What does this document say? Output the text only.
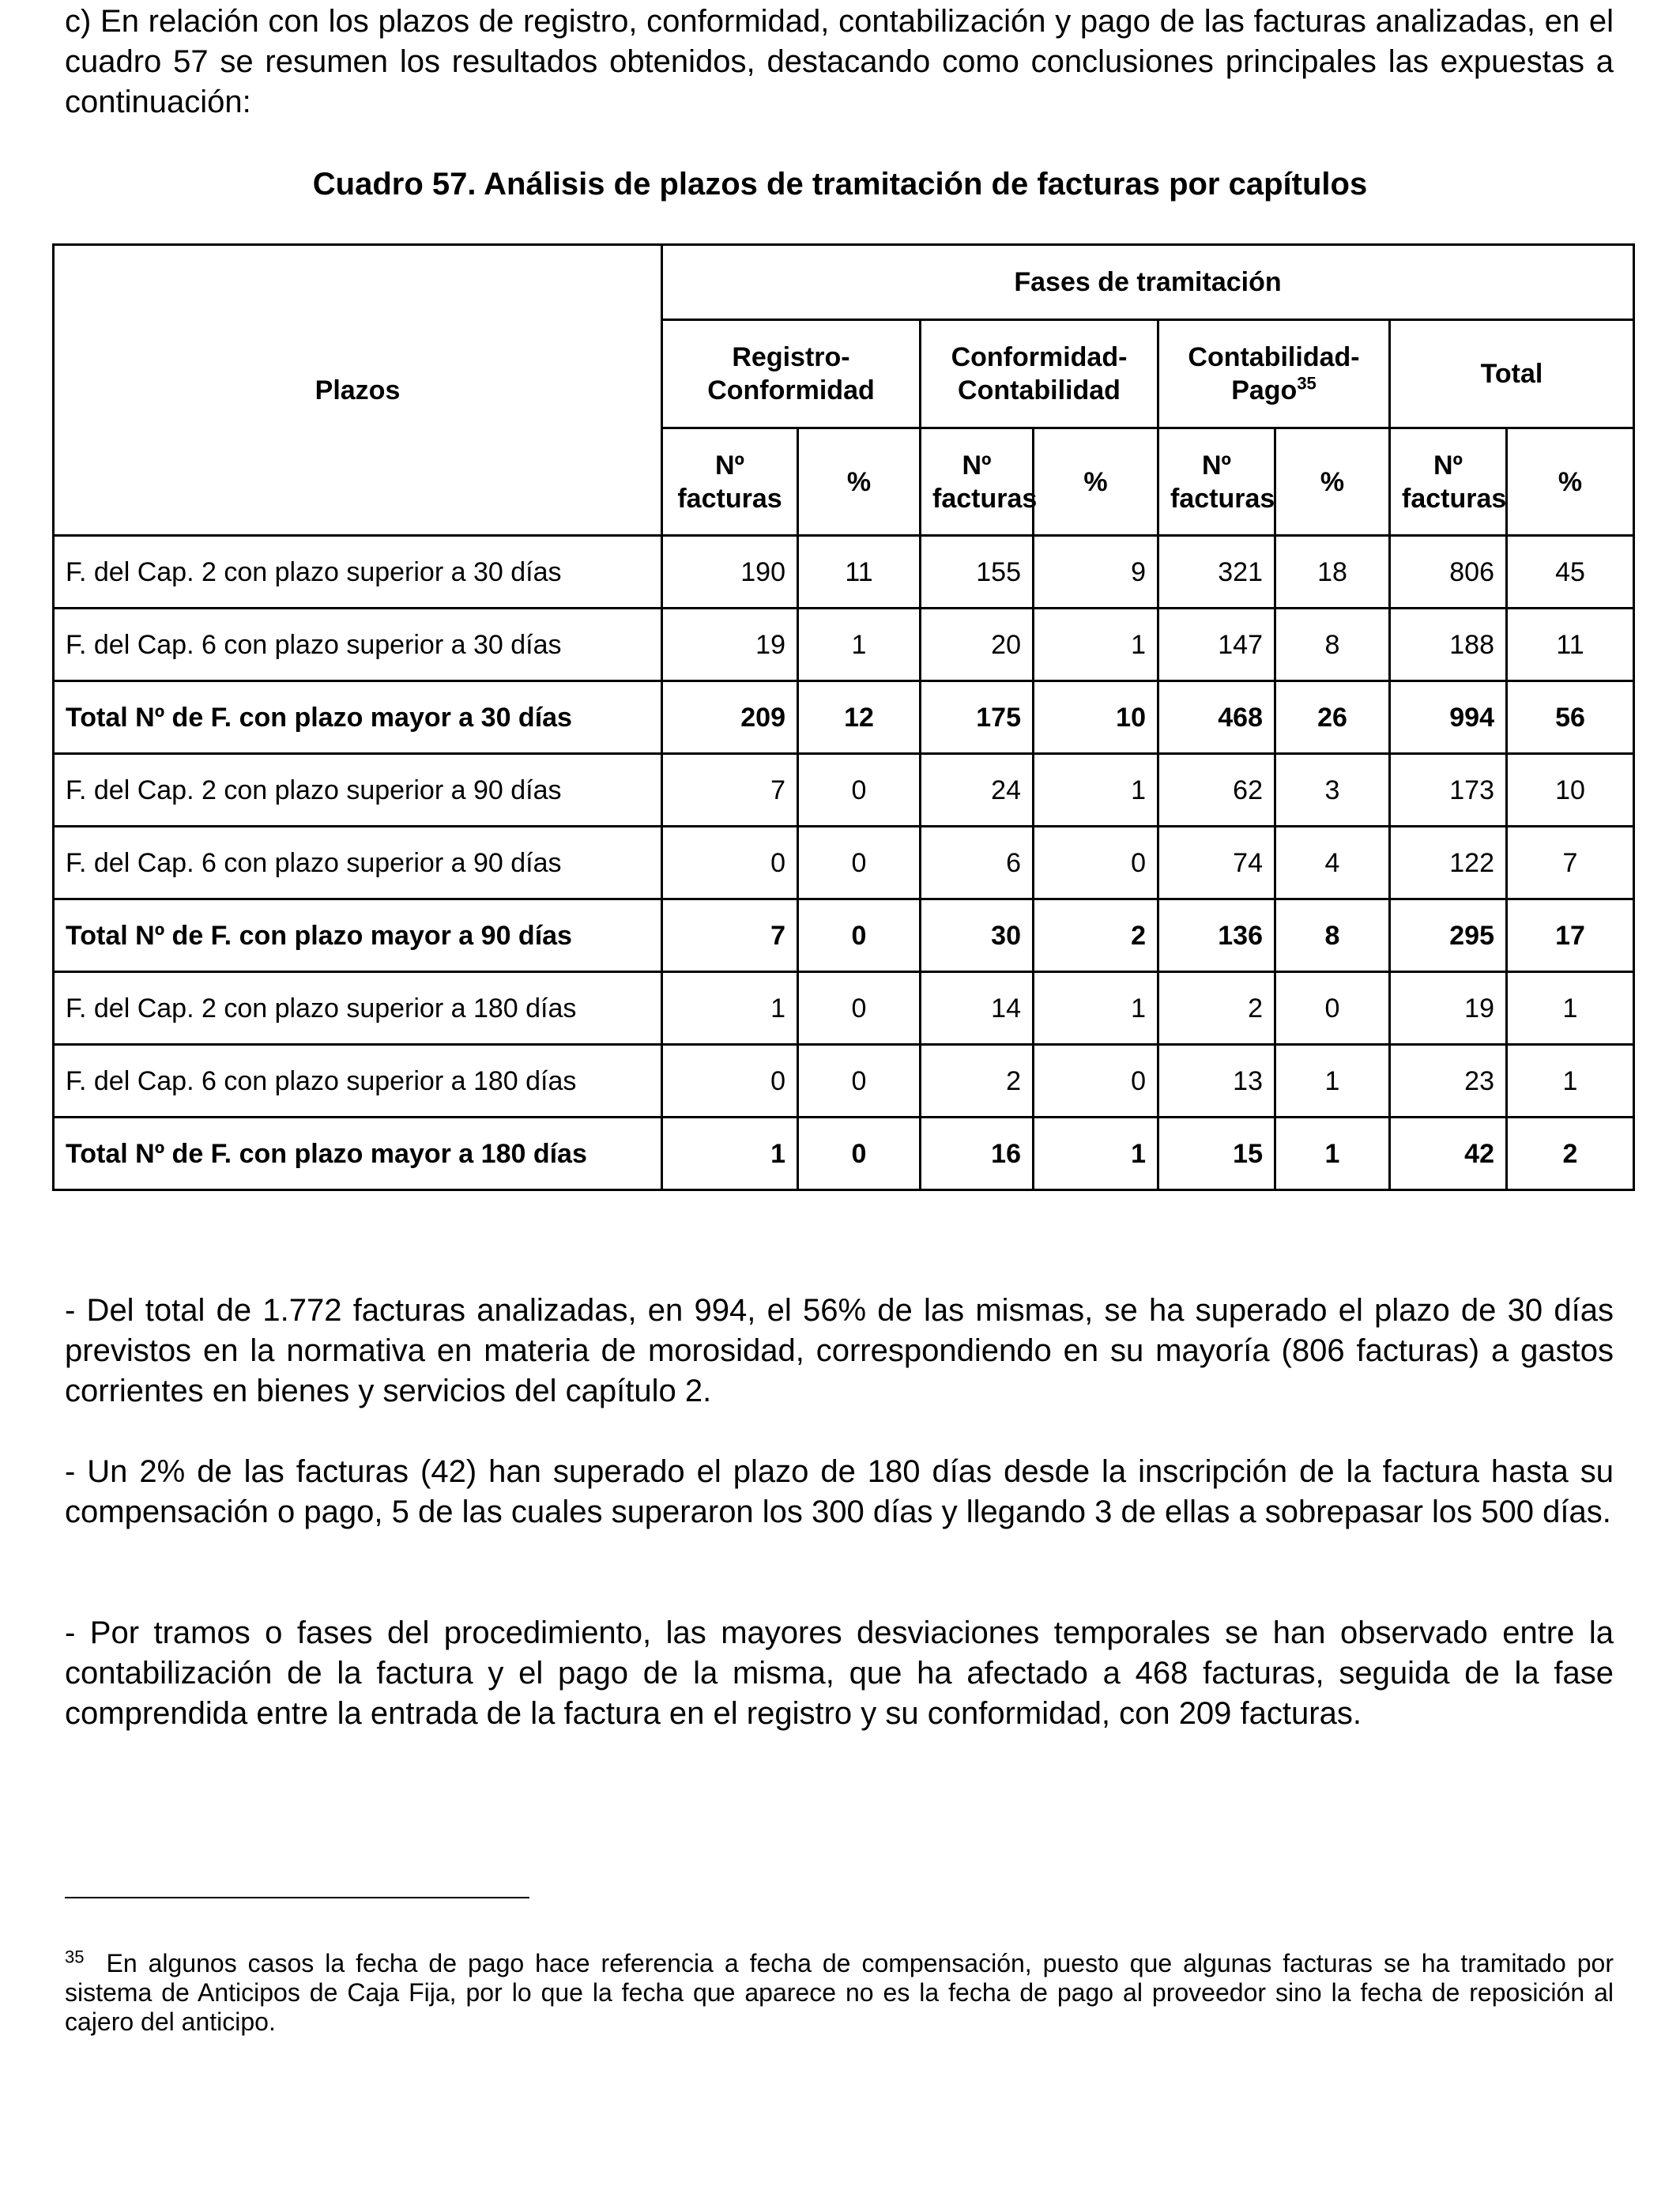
c) En relación con los plazos de registro, conformidad, contabilización y pago de las facturas analizadas, en el cuadro 57 se resumen los resultados obtenidos, destacando como conclusiones principales las expuestas a continuación:

Cuadro 57. Análisis de plazos de tramitación de facturas por capítulos

Plazos	Fases de tramitación							
	Registro-Conformidad		Conformidad-Contabilidad		Contabilidad-Pago$^{35}$		Total	
	Nº facturas	%	Nº facturas	%	Nº facturas	%	Nº facturas	%
F. del Cap. 2 con plazo superior a 30 días	190	11	155	9	321	18	806	45
F. del Cap. 6 con plazo superior a 30 días	19	1	20	1	147	8	188	11
Total Nº de F. con plazo mayor a 30 días	209	12	175	10	468	26	994	56
F. del Cap. 2 con plazo superior a 90 días	7	0	24	1	62	3	173	10
F. del Cap. 6 con plazo superior a 90 días	0	0	6	0	74	4	122	7
Total Nº de F. con plazo mayor a 90 días	7	0	30	2	136	8	295	17
F. del Cap. 2 con plazo superior a 180 días	1	0	14	1	2	0	19	1
F. del Cap. 6 con plazo superior a 180 días	0	0	2	0	13	1	23	1
Total Nº de F. con plazo mayor a 180 días	1	0	16	1	15	1	42	2

- Del total de 1.772 facturas analizadas, en 994, el 56% de las mismas, se ha superado el plazo de 30 días previstos en la normativa en materia de morosidad, correspondiendo en su mayoría (806 facturas) a gastos corrientes en bienes y servicios del capítulo 2.

- Un 2% de las facturas (42) han superado el plazo de 180 días desde la inscripción de la factura hasta su compensación o pago, 5 de las cuales superaron los 300 días y llegando 3 de ellas a sobrepasar los 500 días.

- Por tramos o fases del procedimiento, las mayores desviaciones temporales se han observado entre la contabilización de la factura y el pago de la misma, que ha afectado a 468 facturas, seguida de la fase comprendida entre la entrada de la factura en el registro y su conformidad, con 209 facturas.

$^{35}$ En algunos casos la fecha de pago hace referencia a fecha de compensación, puesto que algunas facturas se ha tramitado por sistema de Anticipos de Caja Fija, por lo que la fecha que aparece no es la fecha de pago al proveedor sino la fecha de reposición al cajero del anticipo.
